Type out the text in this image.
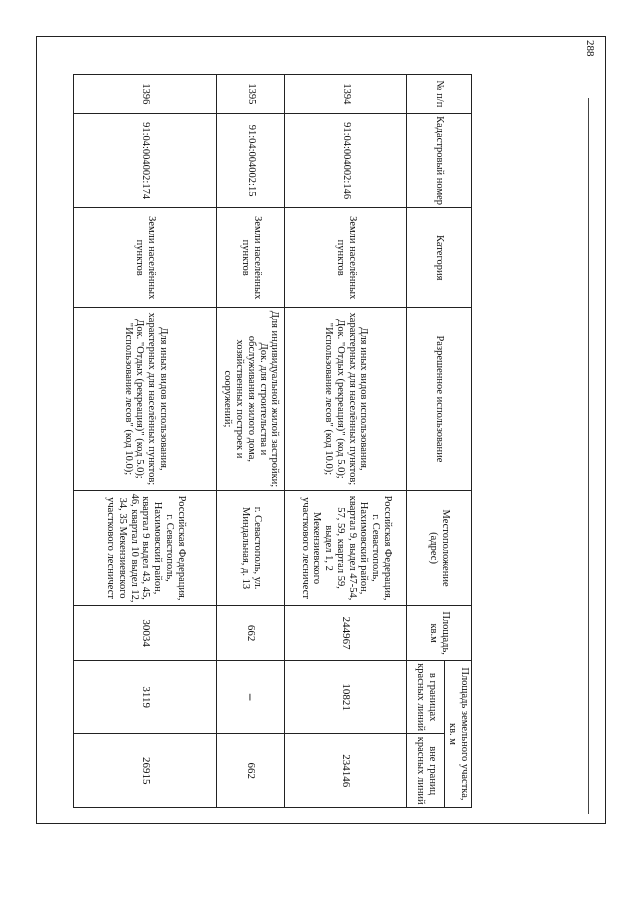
288
№ п/п	Кадастровый номер	Категория	Разрешенное использование	Местоположение (адрес)	Площадь, кв.м	Площадь земельного участка, кв. м	
						в границах красных линий	вне границ красных линий
1394	91:04:004002:146	Земли населённых пунктов	Для иных видов использования, характерных для населённых пунктов; Док. "Отдых (рекреация)" (код 5.0); "Использование лесов" (код 10.0);	Российская Федерация, г. Севастополь, Нахимовский район, квартал 9, выдел 47-54, 57, 59, квартал 59, выдел 1, 2 Мекензиевского участкового лесничест	244967	10821	234146
1395	91:04:004002:15	Земли населённых пунктов	Для индивидуальной жилой застройки; Док. для строительства и обслуживания жилого дома, хозяйственных построек и сооружений;	г. Севастополь, ул. Миндальная, д. 13	662	–	662
1396	91:04:004002:174	Земли населённых пунктов	Для иных видов использования, характерных для населённых пунктов; Док. "Отдых (рекреация)" (код 5.0); "Использование лесов" (код 10.0);	Российская Федерация, г. Севастополь, Нахимовский район, квартал 9 выдел 43, 45, 46, квартал 10 выдел 12, 34, 35 Мекензиевского участкового лесничест	30034	3119	26915
